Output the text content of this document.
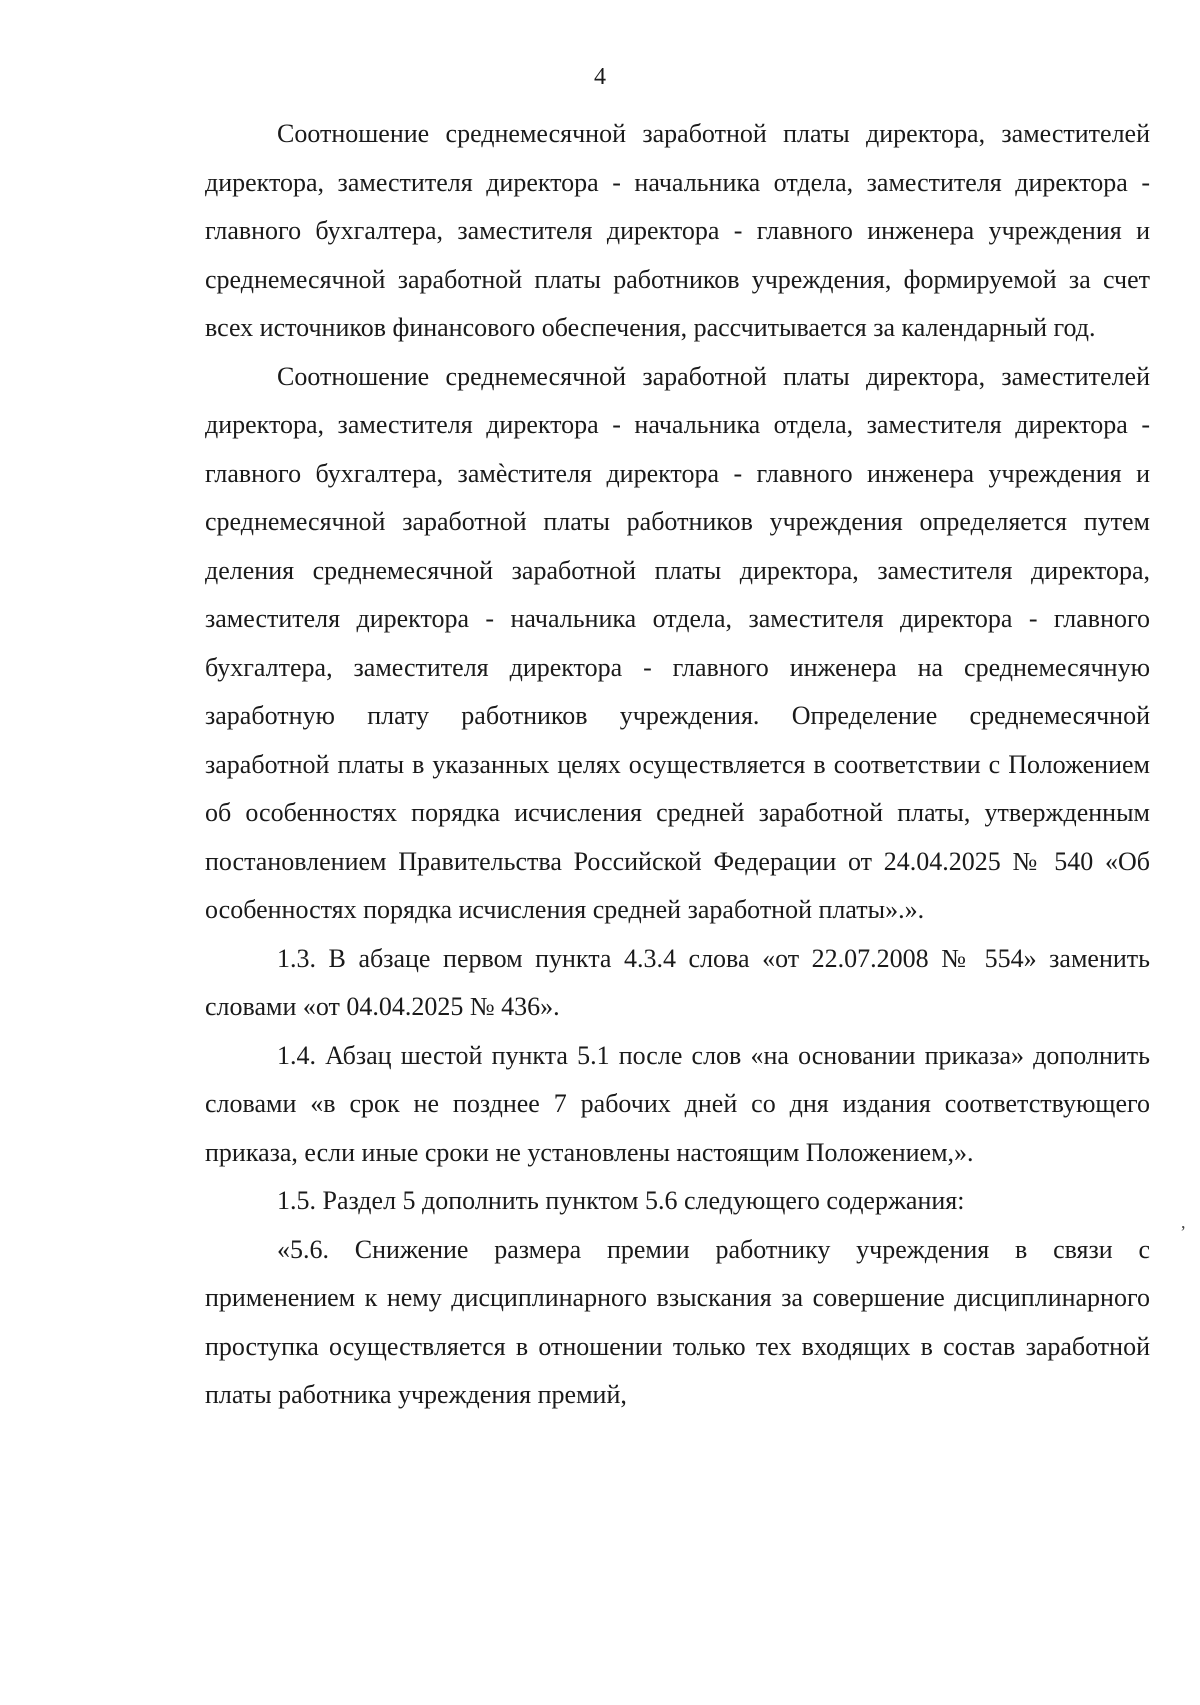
4

Соотношение среднемесячной заработной платы директора, заместителей директора, заместителя директора - начальника отдела, заместителя директора - главного бухгалтера, заместителя директора - главного инженера учреждения и среднемесячной заработной платы работников учреждения, формируемой за счет всех источников финансового обеспечения, рассчитывается за календарный год.

Соотношение среднемесячной заработной платы директора, заместителей директора, заместителя директора - начальника отдела, заместителя директора - главного бухгалтера, замѐстителя директора - главного инженера учреждения и среднемесячной заработной платы работников учреждения определяется путем деления среднемесячной заработной платы директора, заместителя директора, заместителя директора - начальника отдела, заместителя директора - главного бухгалтера, заместителя директора - главного инженера на среднемесячную заработную плату работников учреждения. Определение среднемесячной заработной платы в указанных целях осуществляется в соответствии с Положением об особенностях порядка исчисления средней заработной платы, утвержденным постановлением Правительства Российской Федерации от 24.04.2025 № 540 «Об особенностях порядка исчисления средней заработной платы».».

1.3. В абзаце первом пункта 4.3.4 слова «от 22.07.2008 № 554» заменить словами «от 04.04.2025 № 436».

1.4. Абзац шестой пункта 5.1 после слов «на основании приказа» дополнить словами «в срок не позднее 7 рабочих дней со дня издания соответствующего приказа, если иные сроки не установлены настоящим Положением,».

1.5. Раздел 5 дополнить пунктом 5.6 следующего содержания:

«5.6. Снижение размера премии работнику учреждения в связи с применением к нему дисциплинарного взыскания за совершение дисциплинарного проступка осуществляется в отношении только тех входящих в состав заработной платы работника учреждения премий,

,
